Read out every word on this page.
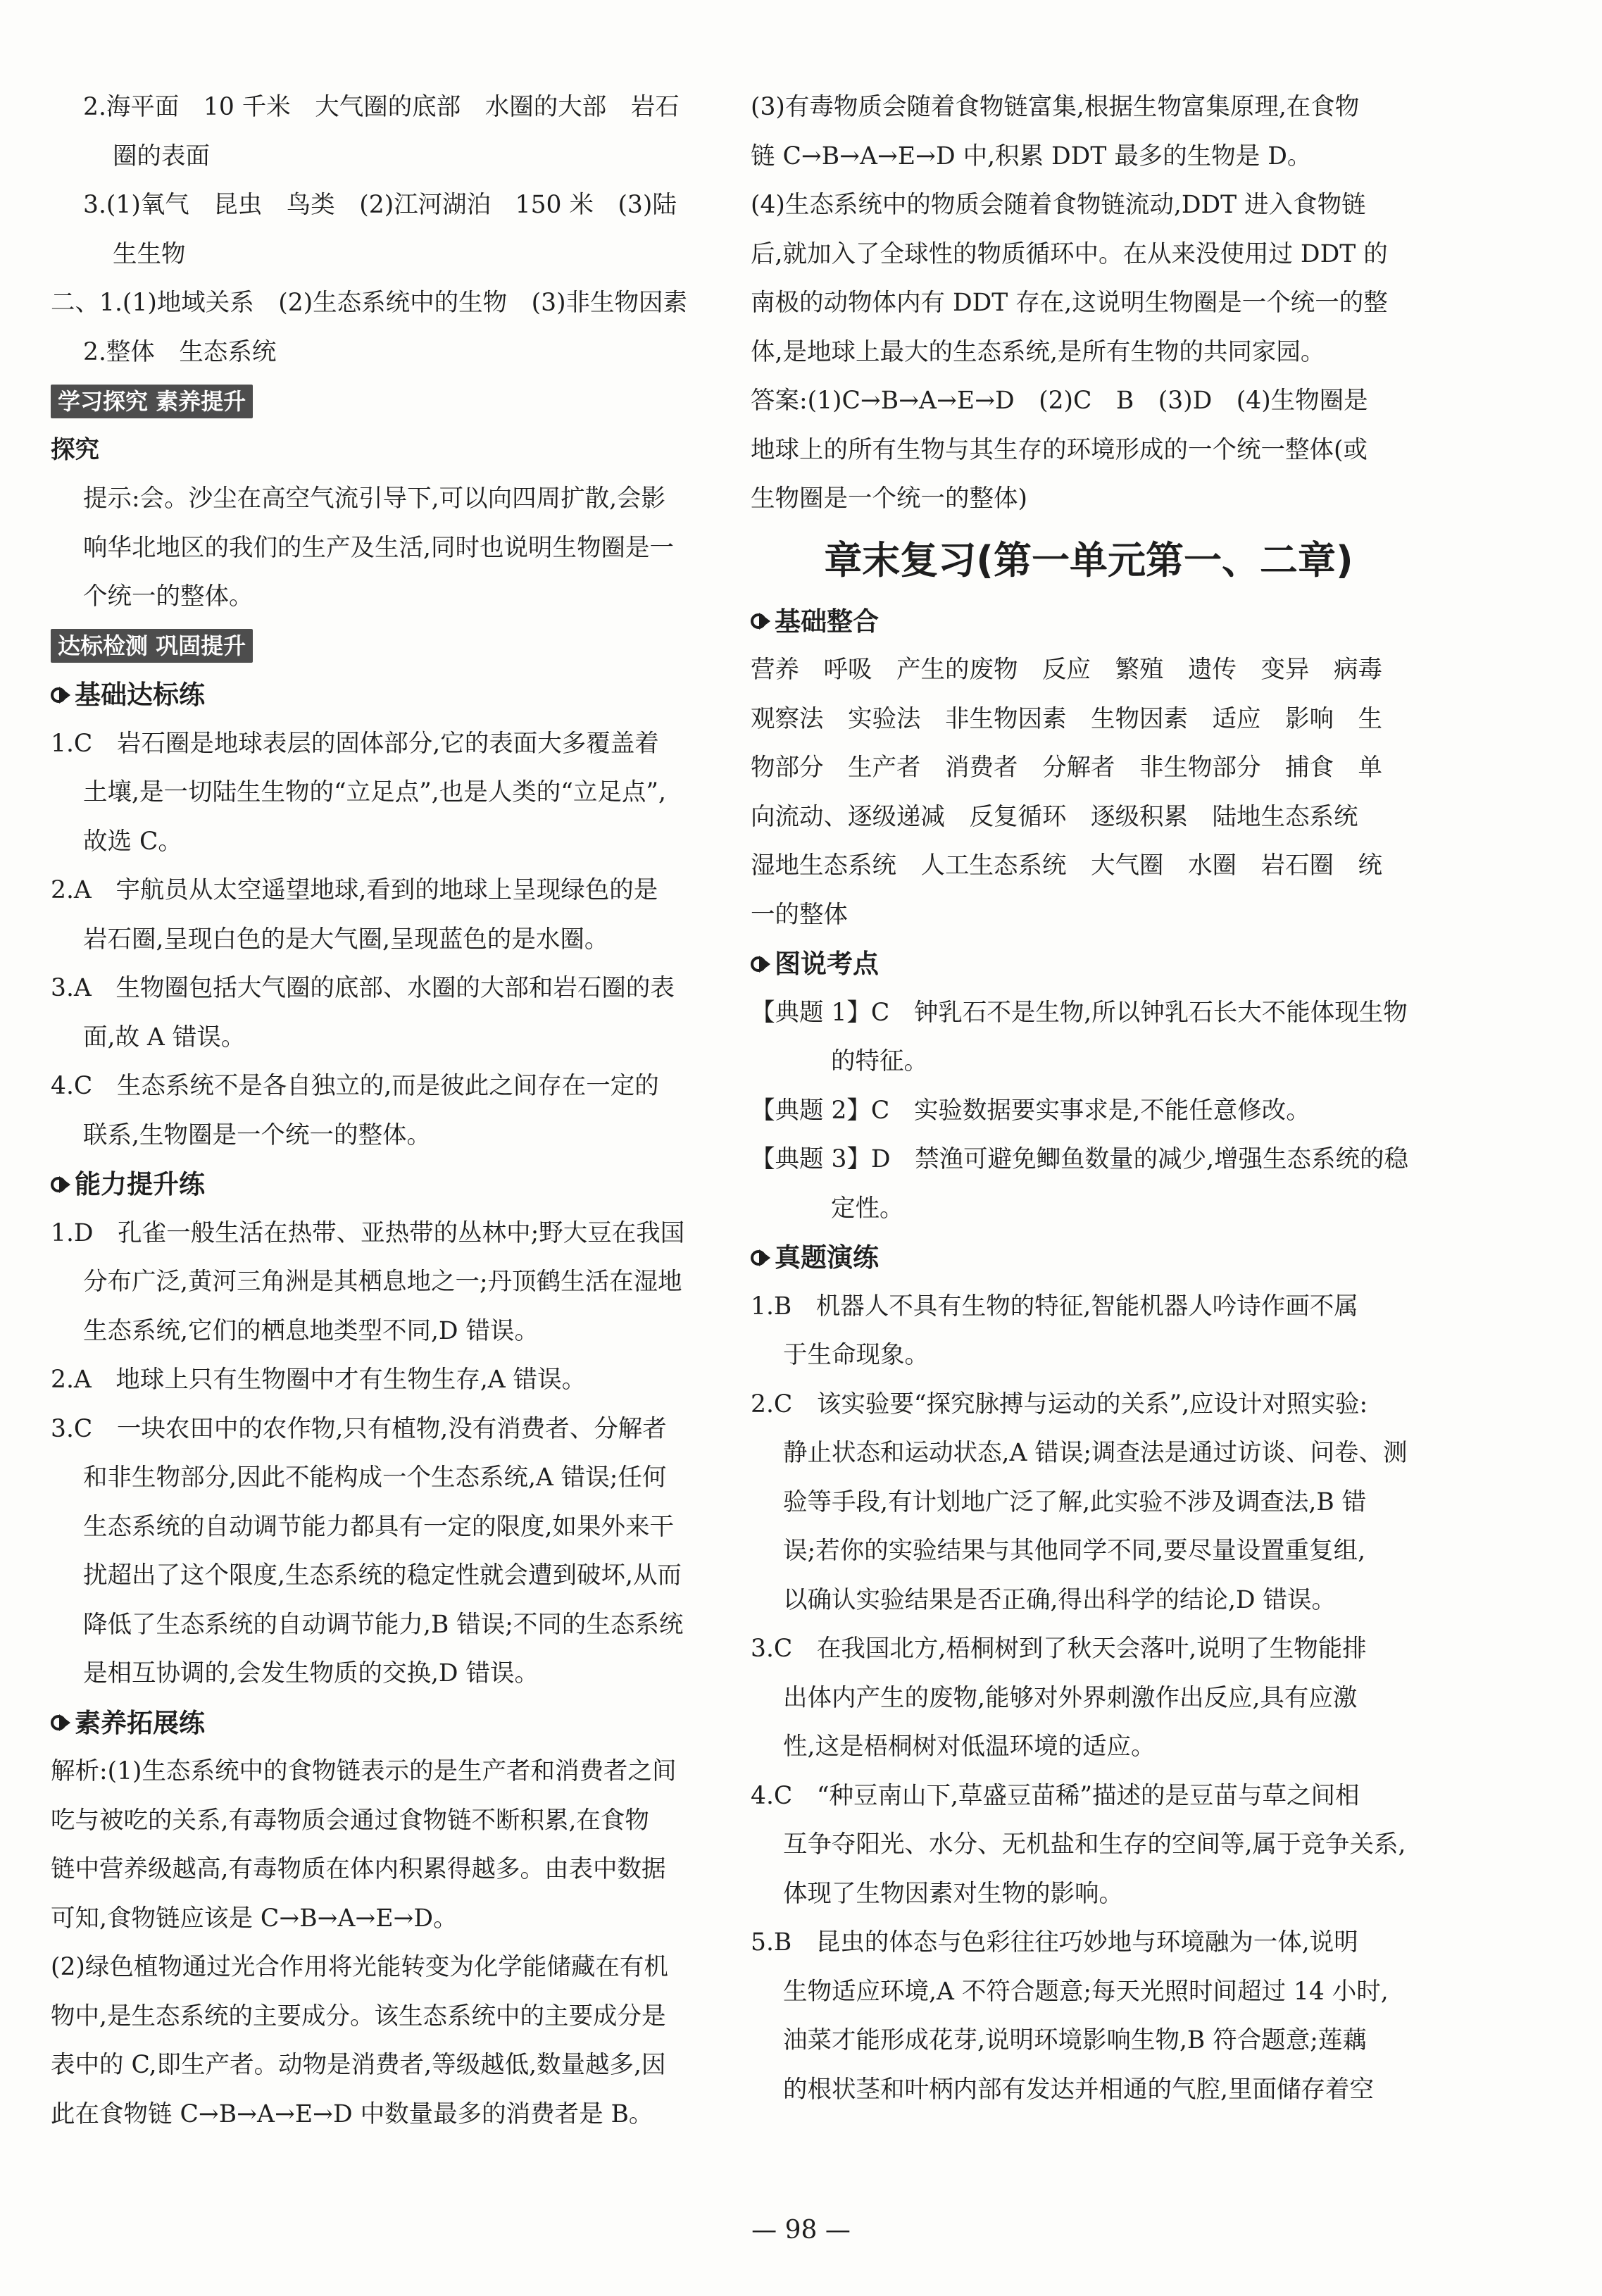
2.海平面　10 千米　大气圈的底部　水圈的大部　岩石
圈的表面
3.(1)氧气　昆虫　鸟类　(2)江河湖泊　150 米　(3)陆
生生物
二、1.(1)地域关系　(2)生态系统中的生物　(3)非生物因素
2.整体　生态系统
学习探究 素养提升
探究
提示:会。沙尘在高空气流引导下,可以向四周扩散,会影
响华北地区的我们的生产及生活,同时也说明生物圈是一
个统一的整体。
达标检测 巩固提升
基础达标练
1.C　岩石圈是地球表层的固体部分,它的表面大多覆盖着
土壤,是一切陆生生物的“立足点”,也是人类的“立足点”,
故选 C。
2.A　宇航员从太空遥望地球,看到的地球上呈现绿色的是
岩石圈,呈现白色的是大气圈,呈现蓝色的是水圈。
3.A　生物圈包括大气圈的底部、水圈的大部和岩石圈的表
面,故 A 错误。
4.C　生态系统不是各自独立的,而是彼此之间存在一定的
联系,生物圈是一个统一的整体。
能力提升练
1.D　孔雀一般生活在热带、亚热带的丛林中;野大豆在我国
分布广泛,黄河三角洲是其栖息地之一;丹顶鹤生活在湿地
生态系统,它们的栖息地类型不同,D 错误。
2.A　地球上只有生物圈中才有生物生存,A 错误。
3.C　一块农田中的农作物,只有植物,没有消费者、分解者
和非生物部分,因此不能构成一个生态系统,A 错误;任何
生态系统的自动调节能力都具有一定的限度,如果外来干
扰超出了这个限度,生态系统的稳定性就会遭到破坏,从而
降低了生态系统的自动调节能力,B 错误;不同的生态系统
是相互协调的,会发生物质的交换,D 错误。
素养拓展练
解析:(1)生态系统中的食物链表示的是生产者和消费者之间
吃与被吃的关系,有毒物质会通过食物链不断积累,在食物
链中营养级越高,有毒物质在体内积累得越多。由表中数据
可知,食物链应该是 C→B→A→E→D。
(2)绿色植物通过光合作用将光能转变为化学能储藏在有机
物中,是生态系统的主要成分。该生态系统中的主要成分是
表中的 C,即生产者。动物是消费者,等级越低,数量越多,因
此在食物链 C→B→A→E→D 中数量最多的消费者是 B。
(3)有毒物质会随着食物链富集,根据生物富集原理,在食物
链 C→B→A→E→D 中,积累 DDT 最多的生物是 D。
(4)生态系统中的物质会随着食物链流动,DDT 进入食物链
后,就加入了全球性的物质循环中。在从来没使用过 DDT 的
南极的动物体内有 DDT 存在,这说明生物圈是一个统一的整
体,是地球上最大的生态系统,是所有生物的共同家园。
答案:(1)C→B→A→E→D　(2)C　B　(3)D　(4)生物圈是
地球上的所有生物与其生存的环境形成的一个统一整体(或
生物圈是一个统一的整体)
章末复习(第一单元第一、二章)
基础整合
营养　呼吸　产生的废物　反应　繁殖　遗传　变异　病毒
观察法　实验法　非生物因素　生物因素　适应　影响　生
物部分　生产者　消费者　分解者　非生物部分　捕食　单
向流动、逐级递减　反复循环　逐级积累　陆地生态系统
湿地生态系统　人工生态系统　大气圈　水圈　岩石圈　统
一的整体
图说考点
【典题 1】C　钟乳石不是生物,所以钟乳石长大不能体现生物
的特征。
【典题 2】C　实验数据要实事求是,不能任意修改。
【典题 3】D　禁渔可避免鲫鱼数量的减少,增强生态系统的稳
定性。
真题演练
1.B　机器人不具有生物的特征,智能机器人吟诗作画不属
于生命现象。
2.C　该实验要“探究脉搏与运动的关系”,应设计对照实验:
静止状态和运动状态,A 错误;调查法是通过访谈、问卷、测
验等手段,有计划地广泛了解,此实验不涉及调查法,B 错
误;若你的实验结果与其他同学不同,要尽量设置重复组,
以确认实验结果是否正确,得出科学的结论,D 错误。
3.C　在我国北方,梧桐树到了秋天会落叶,说明了生物能排
出体内产生的废物,能够对外界刺激作出反应,具有应激
性,这是梧桐树对低温环境的适应。
4.C　“种豆南山下,草盛豆苗稀”描述的是豆苗与草之间相
互争夺阳光、水分、无机盐和生存的空间等,属于竞争关系,
体现了生物因素对生物的影响。
5.B　昆虫的体态与色彩往往巧妙地与环境融为一体,说明
生物适应环境,A 不符合题意;每天光照时间超过 14 小时,
油菜才能形成花芽,说明环境影响生物,B 符合题意;莲藕
的根状茎和叶柄内部有发达并相通的气腔,里面储存着空
— 98 —
